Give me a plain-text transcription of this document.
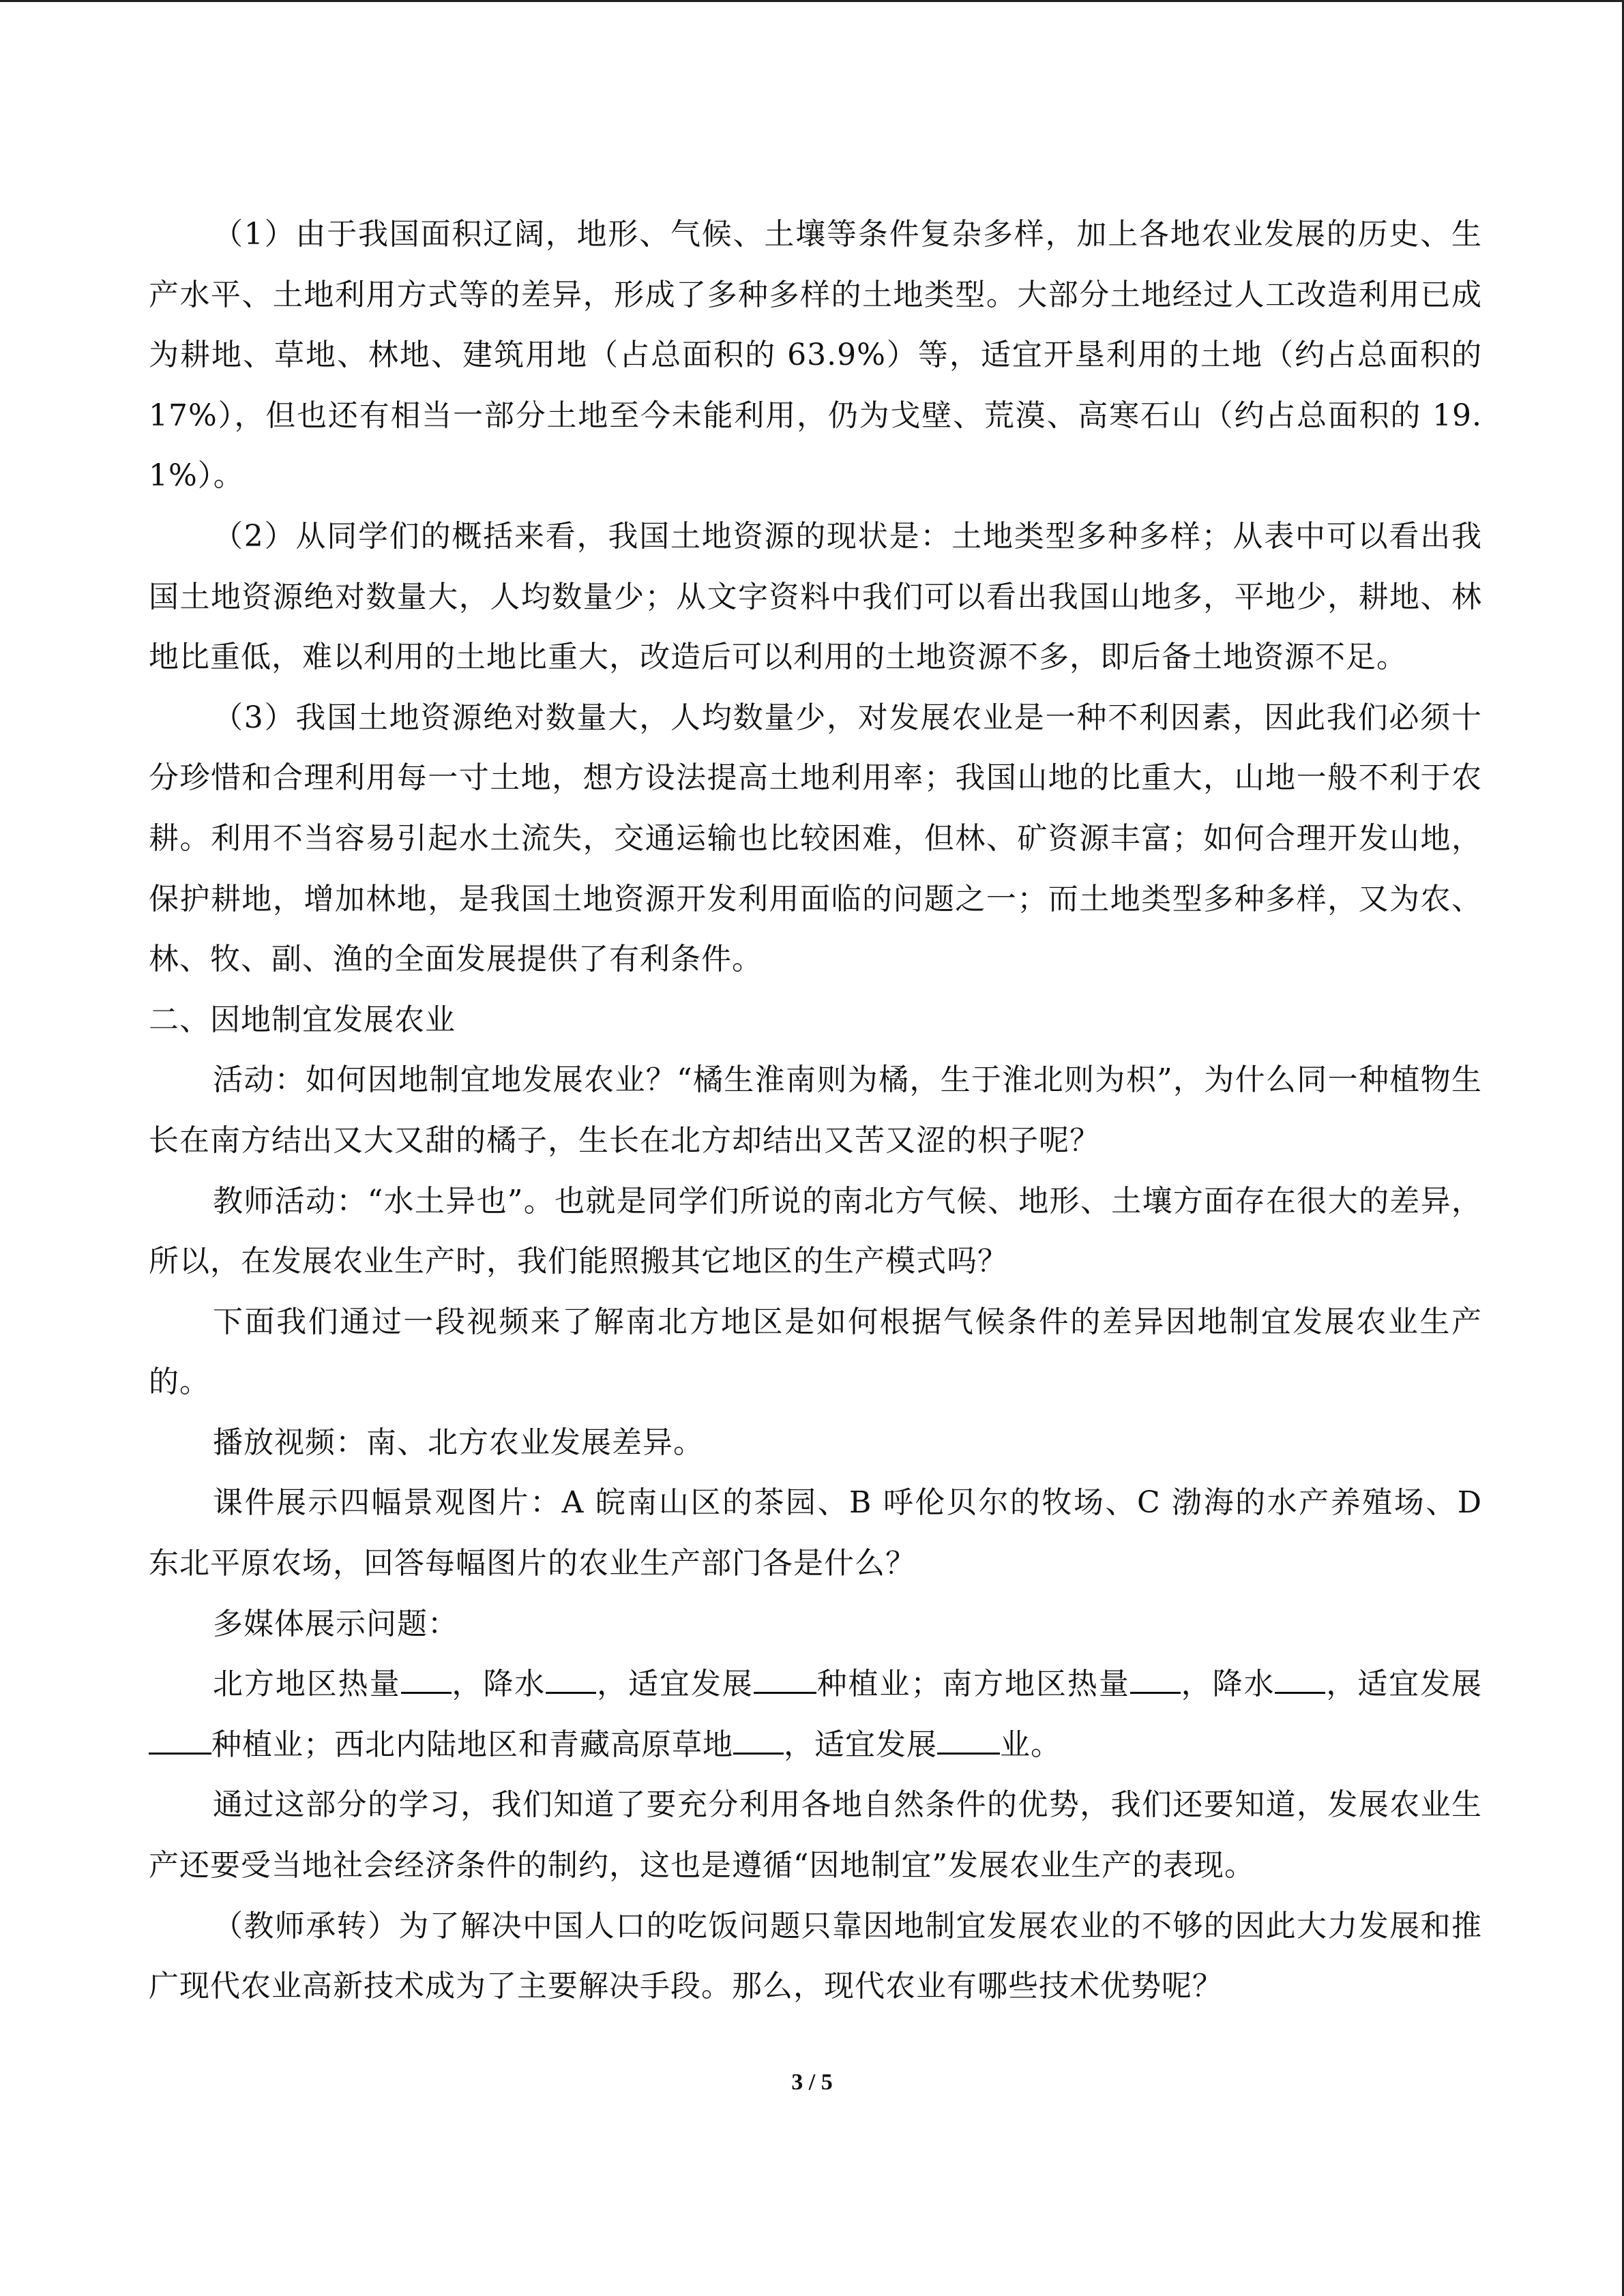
（1）由于我国面积辽阔，地形、气候、土壤等条件复杂多样，加上各地农业发展的历史、生产水平、土地利用方式等的差异，形成了多种多样的土地类型。大部分土地经过人工改造利用已成为耕地、草地、林地、建筑用地（占总面积的 63.9%）等，适宜开垦利用的土地（约占总面积的 17%），但也还有相当一部分土地至今未能利用，仍为戈壁、荒漠、高寒石山（约占总面积的 19.1%）。

（2）从同学们的概括来看，我国土地资源的现状是：土地类型多种多样；从表中可以看出我国土地资源绝对数量大，人均数量少；从文字资料中我们可以看出我国山地多，平地少，耕地、林地比重低，难以利用的土地比重大，改造后可以利用的土地资源不多，即后备土地资源不足。

（3）我国土地资源绝对数量大，人均数量少，对发展农业是一种不利因素，因此我们必须十分珍惜和合理利用每一寸土地，想方设法提高土地利用率；我国山地的比重大，山地一般不利于农耕。利用不当容易引起水土流失，交通运输也比较困难，但林、矿资源丰富；如何合理开发山地，保护耕地，增加林地，是我国土地资源开发利用面临的问题之一；而土地类型多种多样，又为农、林、牧、副、渔的全面发展提供了有利条件。

二、因地制宜发展农业

活动：如何因地制宜地发展农业？“橘生淮南则为橘，生于淮北则为枳”，为什么同一种植物生长在南方结出又大又甜的橘子，生长在北方却结出又苦又涩的枳子呢？

教师活动：“水土异也”。也就是同学们所说的南北方气候、地形、土壤方面存在很大的差异，所以，在发展农业生产时，我们能照搬其它地区的生产模式吗？

下面我们通过一段视频来了解南北方地区是如何根据气候条件的差异因地制宜发展农业生产的。

播放视频：南、北方农业发展差异。

课件展示四幅景观图片：A 皖南山区的茶园、B 呼伦贝尔的牧场、C 渤海的水产养殖场、D 东北平原农场，回答每幅图片的农业生产部门各是什么？

多媒体展示问题：

北方地区热量 ，降水 ，适宜发展 种植业；南方地区热量 ，降水 ，适宜发展种植业；西北内陆地区和青藏高原草地 ，适宜发展 业。

通过这部分的学习，我们知道了要充分利用各地自然条件的优势，我们还要知道，发展农业生产还要受当地社会经济条件的制约，这也是遵循“因地制宜”发展农业生产的表现。

（教师承转）为了解决中国人口的吃饭问题只靠因地制宜发展农业的不够的因此大力发展和推广现代农业高新技术成为了主要解决手段。那么，现代农业有哪些技术优势呢？

3 / 5
